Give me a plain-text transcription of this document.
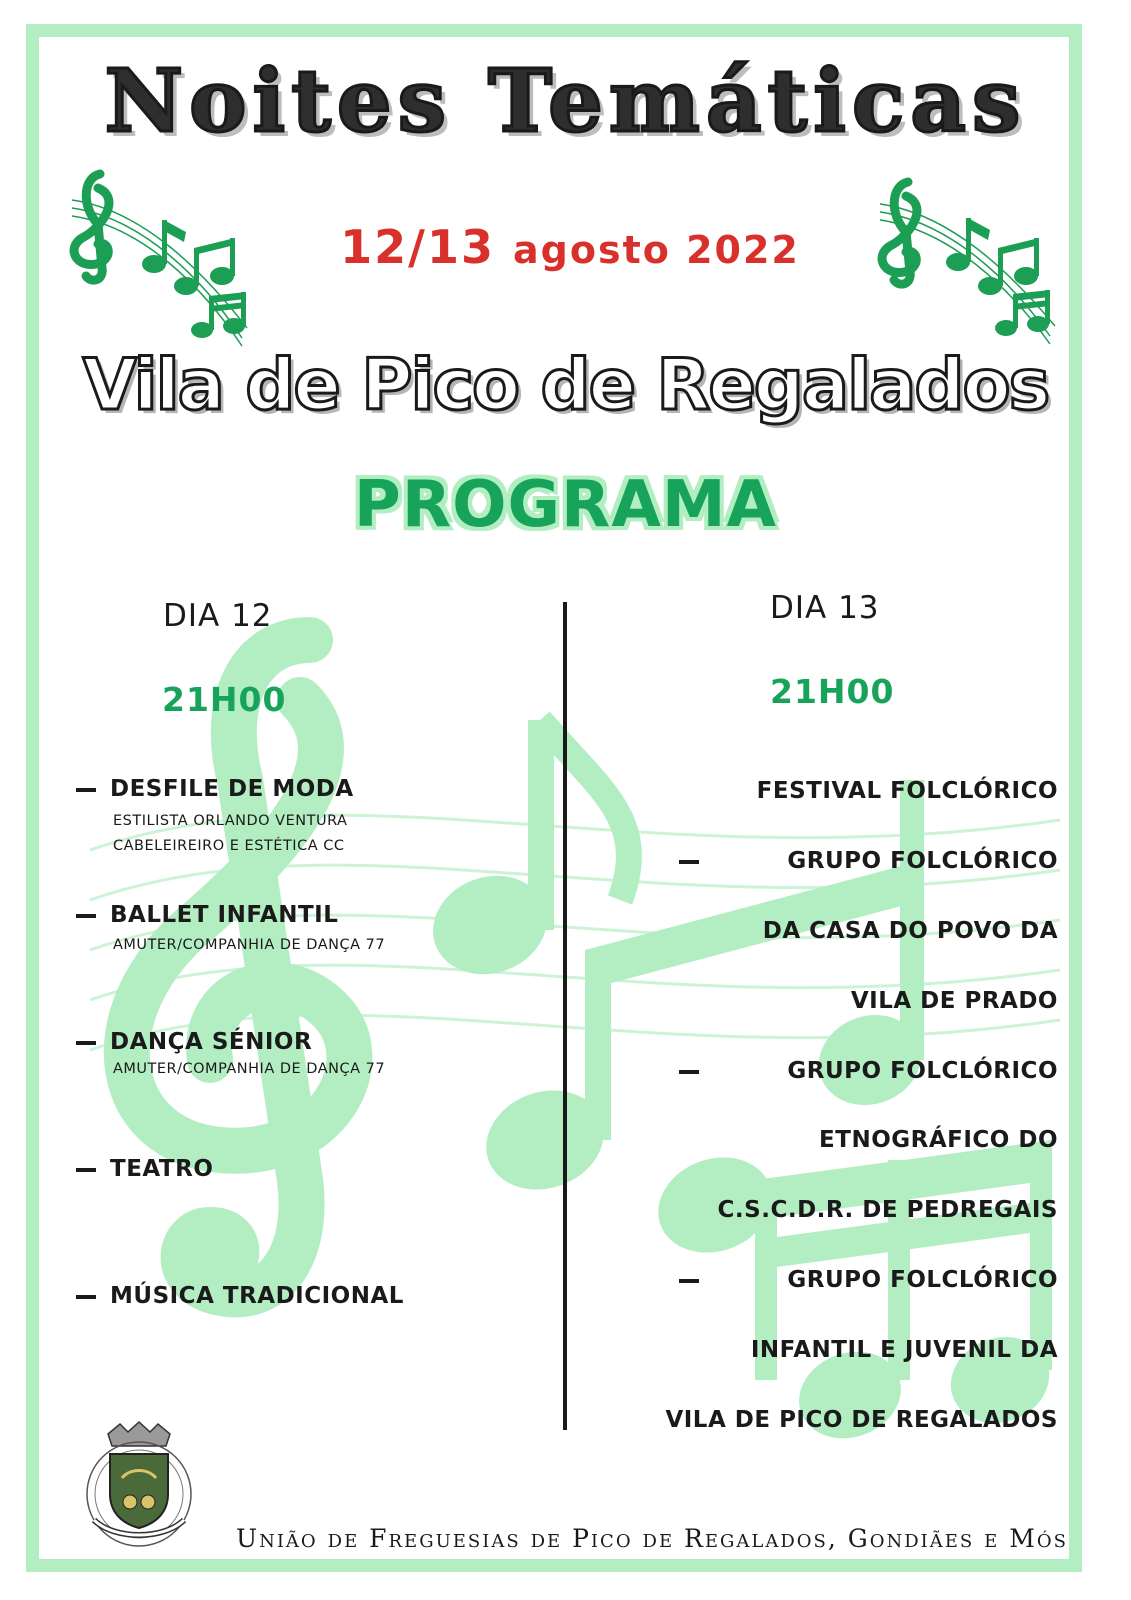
Noites Temáticas
12/13 agosto 2022
Vila de Pico de Regalados
PROGRAMA
DIA 12
21H00
DESFILE DE MODA
ESTILISTA ORLANDO VENTURA
CABELEIREIRO E ESTÉTICA CC
BALLET INFANTIL
AMUTER/COMPANHIA DE DANÇA 77
DANÇA SÉNIOR
AMUTER/COMPANHIA DE DANÇA 77
TEATRO
MÚSICA TRADICIONAL
DIA 13
21H00
FESTIVAL FOLCLÓRICO
GRUPO FOLCLÓRICO
DA CASA DO POVO DA
VILA DE PRADO
GRUPO FOLCLÓRICO
ETNOGRÁFICO DO
C.S.C.D.R. DE PEDREGAIS
GRUPO FOLCLÓRICO
INFANTIL E JUVENIL DA
VILA DE PICO DE REGALADOS
União de Freguesias de Pico de Regalados, Gondiães e Mós
